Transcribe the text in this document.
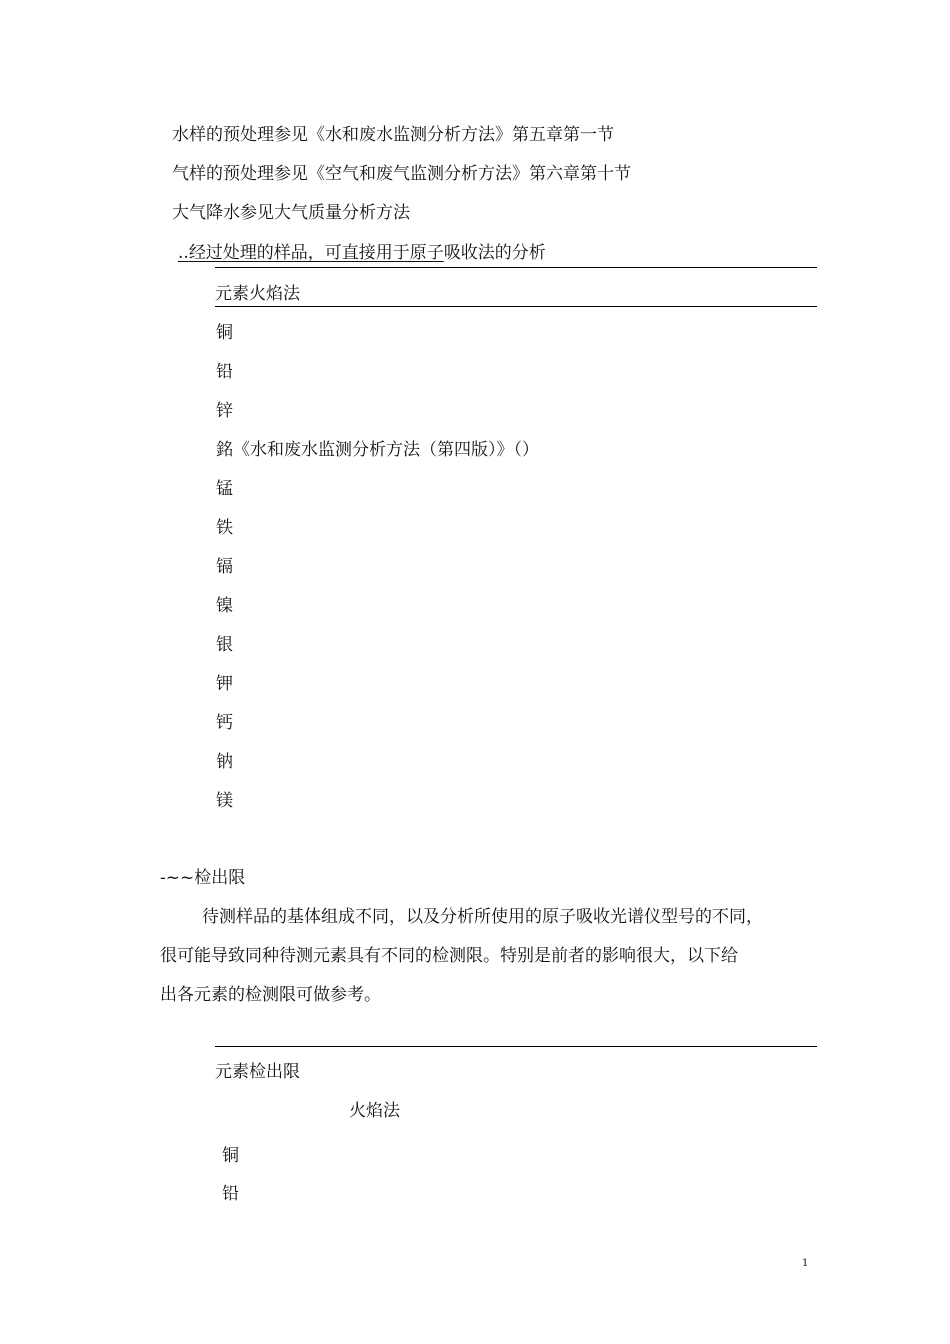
水样的预处理参见《水和废水监测分析方法》第五章第一节
气样的预处理参见《空气和废气监测分析方法》第六章第十节
大气降水参见大气质量分析方法
..经过处理的样品，可直接用于原子吸收法的分析
元素火焰法
铜
铅
锌
銘《水和废水监测分析方法（第四版）》（）
锰
铁
镉
镍
银
钾
钙
钠
镁
-~~检出限
待测样品的基体组成不同，以及分析所使用的原子吸收光谱仪型号的不同，
很可能导致同种待测元素具有不同的检测限。特别是前者的影响很大，以下给
出各元素的检测限可做参考。
元素检出限
火焰法
铜
铅
1
